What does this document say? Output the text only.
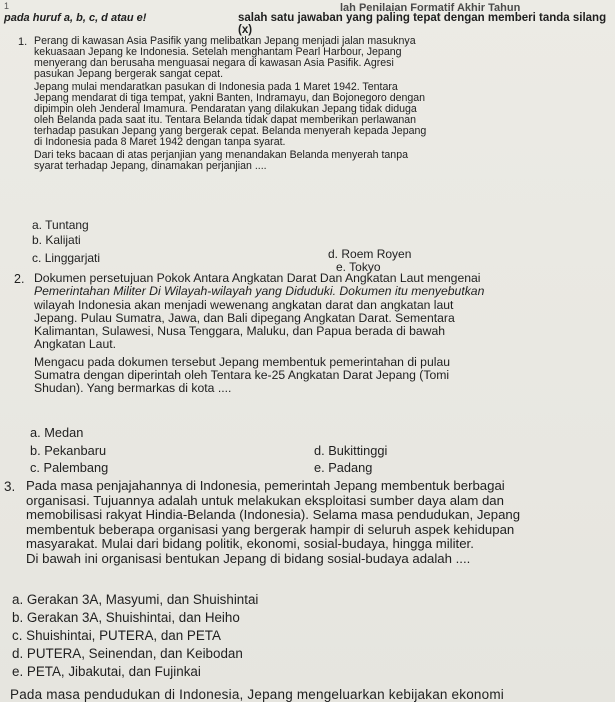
1	lah Penilaian Formatif Akhir Tahun
salah satu jawaban yang paling tepat dengan memberi tanda silang (x)
pada huruf a, b, c, d atau e!
1. Perang di kawasan Asia Pasifik yang melibatkan Jepang menjadi jalan masuknya

kekuasaan Jepang ke Indonesia. Setelah menghantam Pearl Harbour, Jepang

menyerang dan berusaha menguasai negara di kawasan Asia Pasifik. Agresi

pasukan Jepang bergerak sangat cepat.

Jepang mulai mendaratkan pasukan di Indonesia pada 1 Maret 1942. Tentara

Jepang mendarat di tiga tempat, yakni Banten, Indramayu, dan Bojonegoro dengan

dipimpin oleh Jenderal Imamura. Pendaratan yang dilakukan Jepang tidak diduga

oleh Belanda pada saat itu. Tentara Belanda tidak dapat memberikan perlawanan

terhadap pasukan Jepang yang bergerak cepat. Belanda menyerah kepada Jepang

di Indonesia pada 8 Maret 1942 dengan tanpa syarat.

Dari teks bacaan di atas perjanjian yang menandakan Belanda menyerah tanpa

syarat terhadap Jepang, dinamakan perjanjian ....

a. Tuntang
b. Kalijati
c. Linggarjati	d. Roem Royen
e. Tokyo
2. Dokumen persetujuan Pokok Antara Angkatan Darat Dan Angkatan Laut mengenai

Pemerintahan Militer Di Wilayah-wilayah yang Diduduki. Dokumen itu menyebutkan

wilayah Indonesia akan menjadi wewenang angkatan darat dan angkatan laut

Jepang. Pulau Sumatra, Jawa, dan Bali dipegang Angkatan Darat. Sementara

Kalimantan, Sulawesi, Nusa Tenggara, Maluku, dan Papua berada di bawah

Angkatan Laut.

Mengacu pada dokumen tersebut Jepang membentuk pemerintahan di pulau

Sumatra dengan diperintah oleh Tentara ke-25 Angkatan Darat Jepang (Tomi

Shudan). Yang bermarkas di kota ....

a. Medan
b. Pekanbaru
c. Palembang
d. Bukittinggi
e. Padang
3. Pada masa penjajahannya di Indonesia, pemerintah Jepang membentuk berbagai

organisasi. Tujuannya adalah untuk melakukan eksploitasi sumber daya alam dan

memobilisasi rakyat Hindia-Belanda (Indonesia). Selama masa pendudukan, Jepang

membentuk beberapa organisasi yang bergerak hampir di seluruh aspek kehidupan

masyarakat. Mulai dari bidang politik, ekonomi, sosial-budaya, hingga militer.

Di bawah ini organisasi bentukan Jepang di bidang sosial-budaya adalah ....

a. Gerakan 3A, Masyumi, dan Shuishintai
b. Gerakan 3A, Shuishintai, dan Heiho
c. Shuishintai, PUTERA, dan PETA
d. PUTERA, Seinendan, dan Keibodan
e. PETA, Jibakutai, dan Fujinkai
Pada masa pendudukan di Indonesia, Jepang mengeluarkan kebijakan ekonomi
